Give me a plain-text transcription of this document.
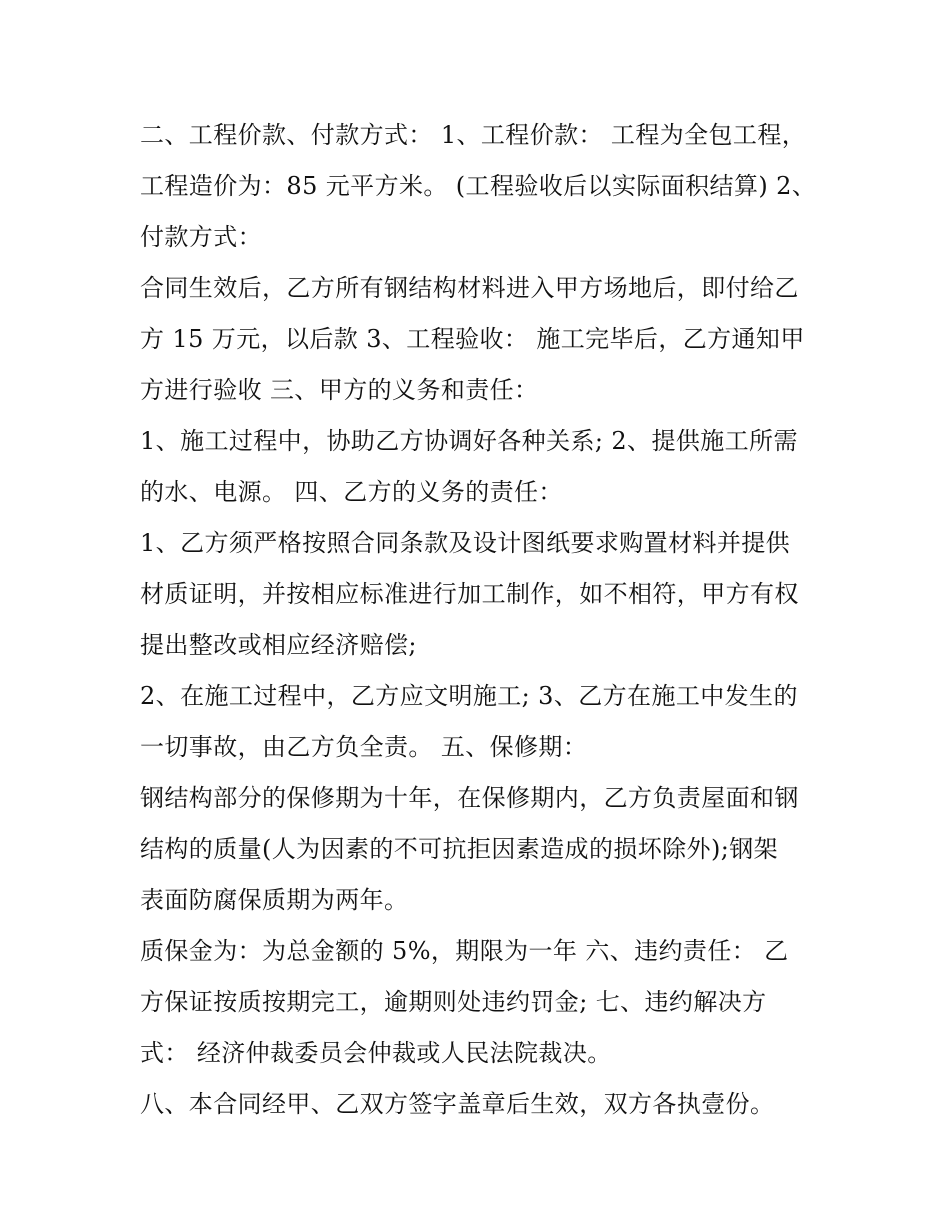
二、工程价款、付款方式： 1、工程价款： 工程为全包工程，
工程造价为：85 元平方米。 (工程验收后以实际面积结算) 2、
付款方式：
合同生效后，乙方所有钢结构材料进入甲方场地后，即付给乙
方 15 万元，以后款 3、工程验收： 施工完毕后，乙方通知甲
方进行验收 三、甲方的义务和责任：
1、施工过程中，协助乙方协调好各种关系; 2、提供施工所需
的水、电源。 四、乙方的义务的责任：
1、乙方须严格按照合同条款及设计图纸要求购置材料并提供
材质证明，并按相应标准进行加工制作，如不相符，甲方有权
提出整改或相应经济赔偿;
2、在施工过程中，乙方应文明施工; 3、乙方在施工中发生的
一切事故，由乙方负全责。 五、保修期：
钢结构部分的保修期为十年，在保修期内，乙方负责屋面和钢
结构的质量(人为因素的不可抗拒因素造成的损坏除外);钢架
表面防腐保质期为两年。
质保金为：为总金额的 5%，期限为一年 六、违约责任： 乙
方保证按质按期完工，逾期则处违约罚金; 七、违约解决方
式： 经济仲裁委员会仲裁或人民法院裁决。
八、本合同经甲、乙双方签字盖章后生效，双方各执壹份。
